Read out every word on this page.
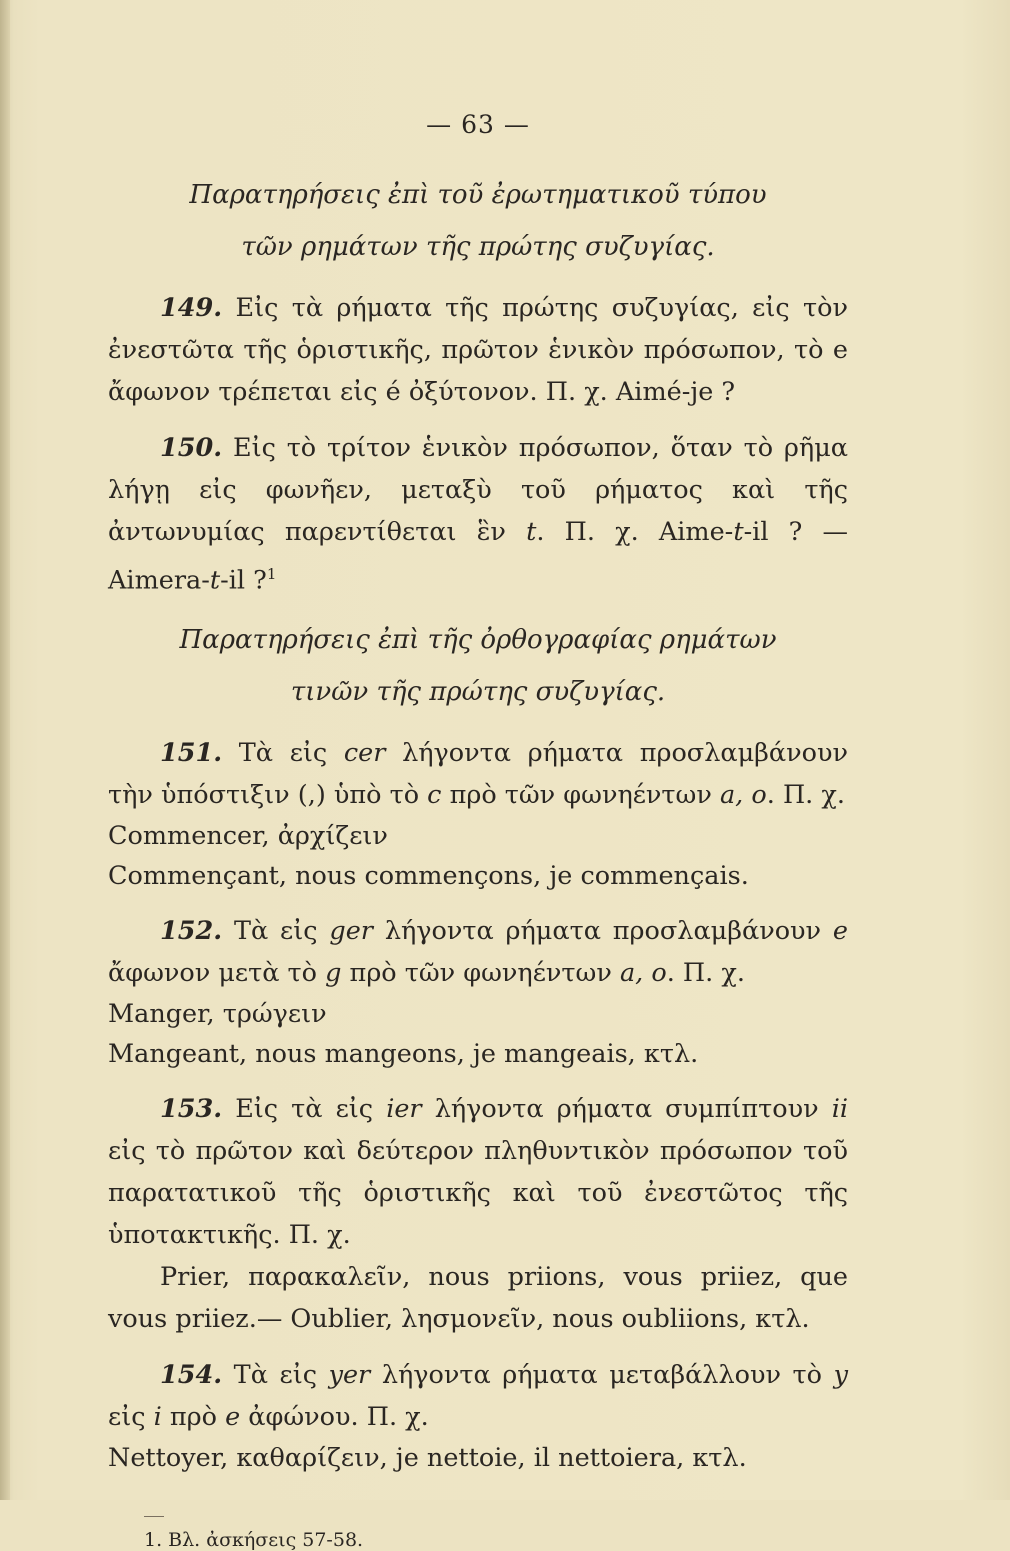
— 63 —

Παρατηρήσεις ἐπὶ τοῦ ἐρωτηματικοῦ τύπου

τῶν ρημάτων τῆς πρώτης συζυγίας.

149. Εἰς τὰ ρήματα τῆς πρώτης συζυγίας, εἰς τὸν ἐνεστῶτα τῆς ὁριστικῆς, πρῶτον ἑνικὸν πρόσωπον, τὸ e ἄφωνον τρέπεται εἰς é ὀξύτονον. Π. χ. Aimé-je ?

150. Εἰς τὸ τρίτον ἑνικὸν πρόσωπον, ὅταν τὸ ρῆμα λήγῃ εἰς φωνῆεν, μεταξὺ τοῦ ρήματος καὶ τῆς ἀντωνυμίας παρεντίθεται ἓν t. Π. χ. Aime-t-il ? — Aimera-t-il ?$^1$

Παρατηρήσεις ἐπὶ τῆς ὀρθογραφίας ρημάτων

τινῶν τῆς πρώτης συζυγίας.

151. Τὰ εἰς cer λήγοντα ρήματα προσλαμβάνουν τὴν ὑπόστιξιν (,) ὑπὸ τὸ c πρὸ τῶν φωνηέντων a, o. Π. χ.

Commencer, ἀρχίζειν

Commençant, nous commençons, je commençais.

152. Τὰ εἰς ger λήγοντα ρήματα προσλαμβάνουν e ἄφωνον μετὰ τὸ g πρὸ τῶν φωνηέντων a, o. Π. χ.

Manger, τρώγειν

Mangeant, nous mangeons, je mangeais, κτλ.

153. Εἰς τὰ εἰς ier λήγοντα ρήματα συμπίπτουν ii εἰς τὸ πρῶτον καὶ δεύτερον πληθυντικὸν πρόσωπον τοῦ παρατατικοῦ τῆς ὁριστικῆς καὶ τοῦ ἐνεστῶτος τῆς ὑποτακτικῆς. Π. χ.

Prier, παρακαλεῖν, nous priions, vous priiez, que vous priiez.— Oublier, λησμονεῖν, nous oubliions, κτλ.

154. Τὰ εἰς yer λήγοντα ρήματα μεταβάλλουν τὸ y εἰς i πρὸ e ἀφώνου. Π. χ.

Nettoyer, καθαρίζειν, je nettoie, il nettoiera, κτλ.

1. Βλ. ἀσκήσεις 57-58.
